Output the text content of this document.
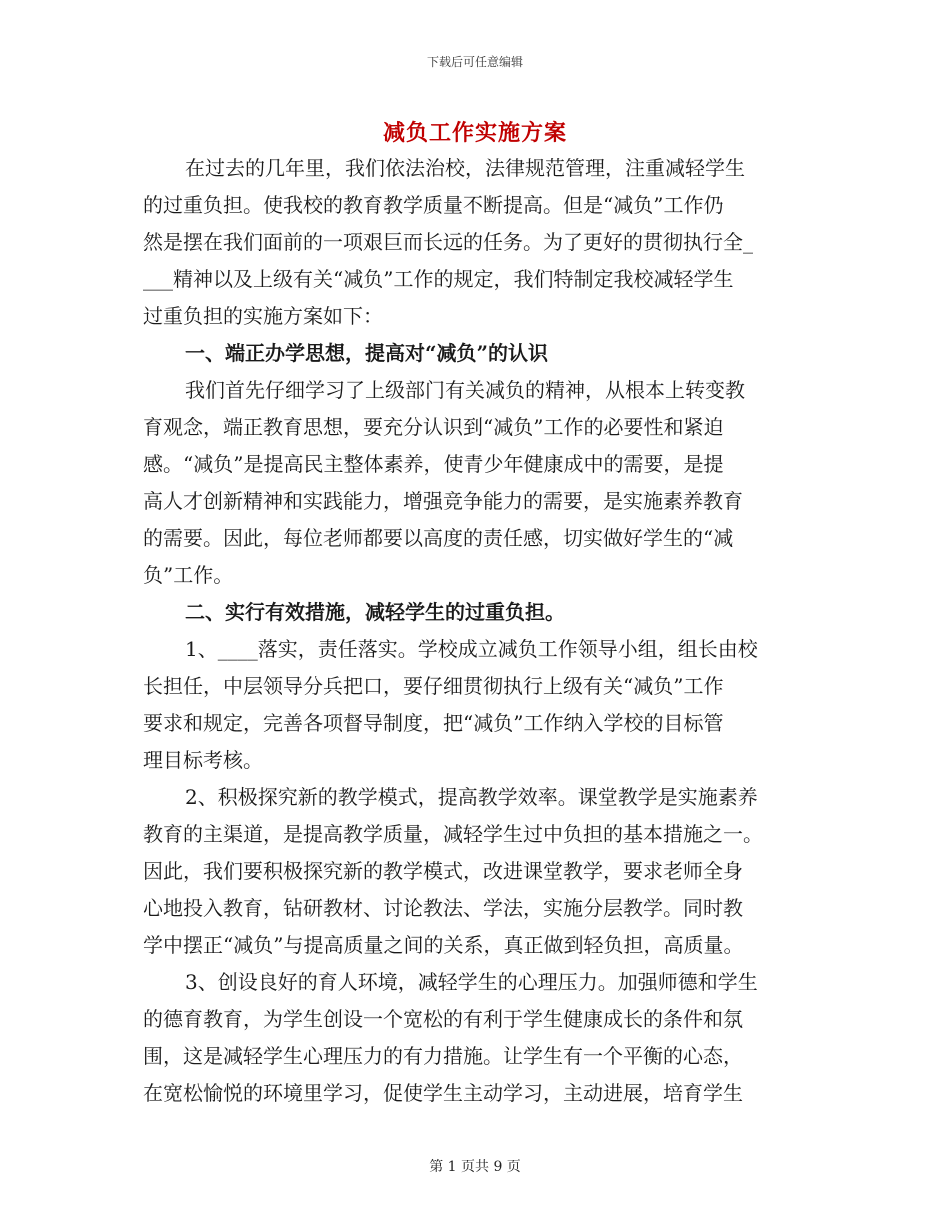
下载后可任意编辑
减负工作实施方案
在过去的几年里，我们依法治校，法律规范管理，注重减轻学生
的过重负担。使我校的教育教学质量不断提高。但是“减负”工作仍
然是摆在我们面前的一项艰巨而长远的任务。为了更好的贯彻执行全_
___精神以及上级有关“减负”工作的规定，我们特制定我校减轻学生
过重负担的实施方案如下：
一、端正办学思想，提高对“减负”的认识
我们首先仔细学习了上级部门有关减负的精神，从根本上转变教
育观念，端正教育思想，要充分认识到“减负”工作的必要性和紧迫
感。“减负”是提高民主整体素养，使青少年健康成中的需要，是提
高人才创新精神和实践能力，增强竞争能力的需要，是实施素养教育
的需要。因此，每位老师都要以高度的责任感，切实做好学生的“减
负”工作。
二、实行有效措施，减轻学生的过重负担。
1、____落实，责任落实。学校成立减负工作领导小组，组长由校
长担任，中层领导分兵把口，要仔细贯彻执行上级有关“减负”工作
要求和规定，完善各项督导制度，把“减负”工作纳入学校的目标管
理目标考核。
2、积极探究新的教学模式，提高教学效率。课堂教学是实施素养
教育的主渠道，是提高教学质量，减轻学生过中负担的基本措施之一。
因此，我们要积极探究新的教学模式，改进课堂教学，要求老师全身
心地投入教育，钻研教材、讨论教法、学法，实施分层教学。同时教
学中摆正“减负”与提高质量之间的关系，真正做到轻负担，高质量。
3、创设良好的育人环境，减轻学生的心理压力。加强师德和学生
的德育教育，为学生创设一个宽松的有利于学生健康成长的条件和氛
围，这是减轻学生心理压力的有力措施。让学生有一个平衡的心态，
在宽松愉悦的环境里学习，促使学生主动学习，主动进展，培育学生
第 1 页共 9 页
